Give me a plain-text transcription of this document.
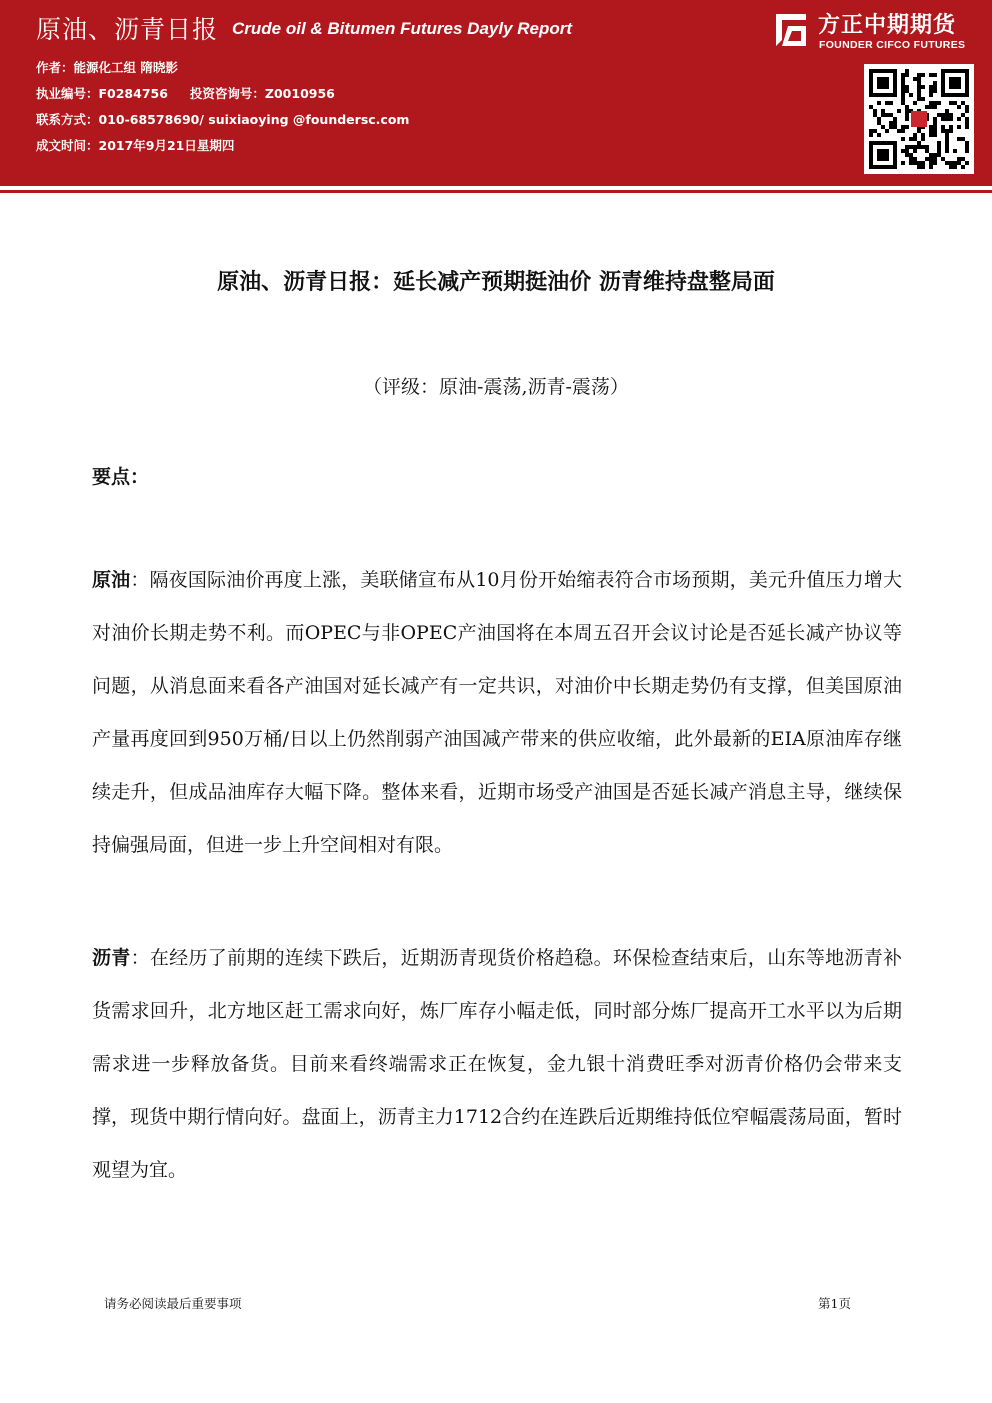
原油、沥青日报 Crude oil & Bitumen Futures Dayly Report
作者：能源化工组 隋晓影
执业编号：F0284756 投资咨询号：Z0010956
联系方式：010-68578690/ suixiaoying @foundersc.com
成文时间：2017年9月21日星期四
方正中期期货
FOUNDER CIFCO FUTURES
原油、沥青日报：延长减产预期挺油价 沥青维持盘整局面
（评级：原油-震荡,沥青-震荡）
要点：

原油：隔夜国际油价再度上涨，美联储宣布从10月份开始缩表符合市场预期，美元升值压力增大对油价长期走势不利。而OPEC与非OPEC产油国将在本周五召开会议讨论是否延长减产协议等问题，从消息面来看各产油国对延长减产有一定共识，对油价中长期走势仍有支撑，但美国原油产量再度回到950万桶/日以上仍然削弱产油国减产带来的供应收缩，此外最新的EIA原油库存继续走升，但成品油库存大幅下降。整体来看，近期市场受产油国是否延长减产消息主导，继续保持偏强局面，但进一步上升空间相对有限。

沥青：在经历了前期的连续下跌后，近期沥青现货价格趋稳。环保检查结束后，山东等地沥青补货需求回升，北方地区赶工需求向好，炼厂库存小幅走低，同时部分炼厂提高开工水平以为后期需求进一步释放备货。目前来看终端需求正在恢复，金九银十消费旺季对沥青价格仍会带来支撑，现货中期行情向好。盘面上，沥青主力1712合约在连跌后近期维持低位窄幅震荡局面，暂时观望为宜。

请务必阅读最后重要事项	第1页
